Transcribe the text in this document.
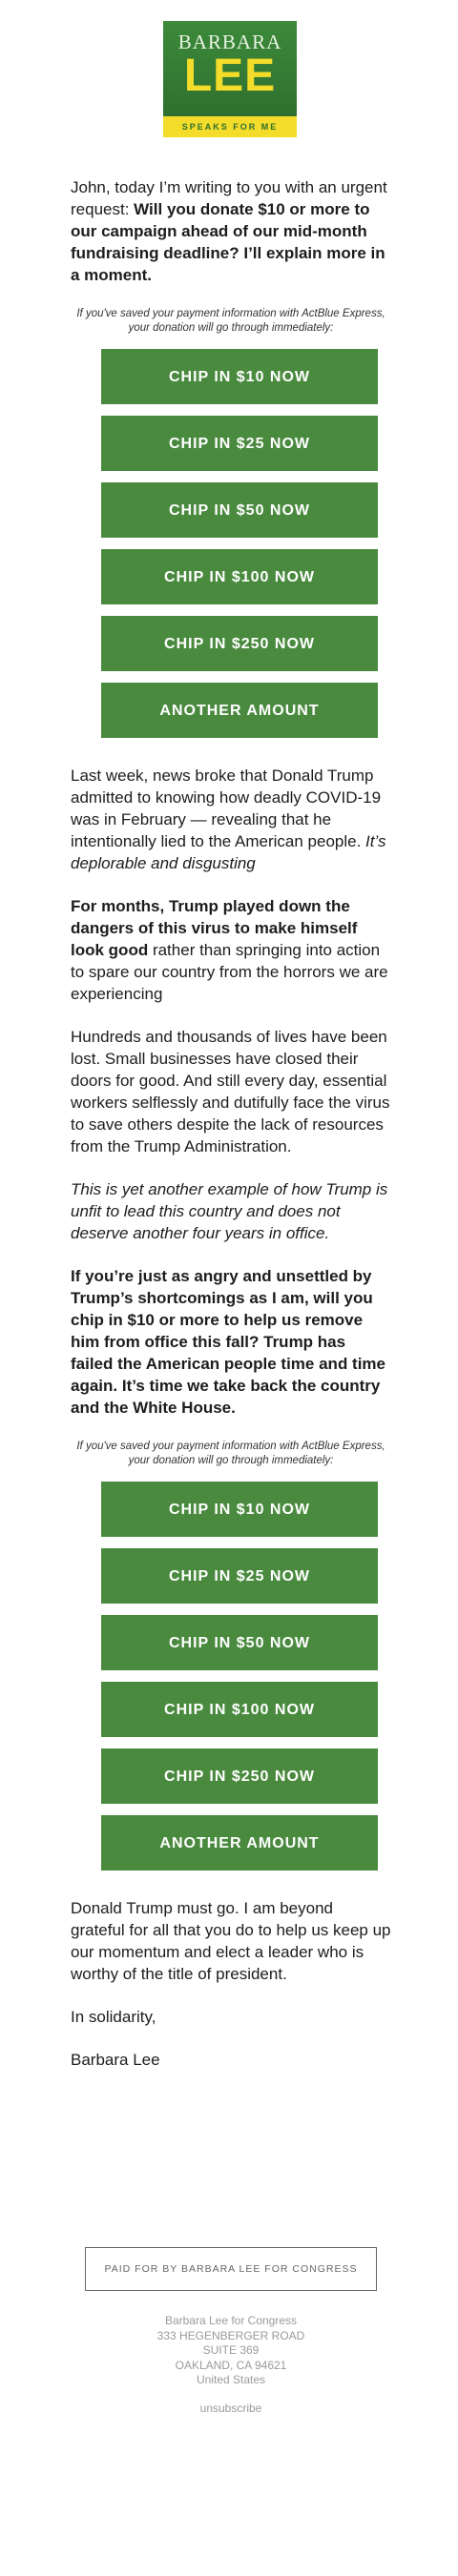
BARBARA
LEE
SPEAKS FOR ME

John, today I’m writing to you with an urgent request: Will you donate $10 or more to our campaign ahead of our mid-month fundraising deadline? I’ll explain more in a moment.

If you've saved your payment information with ActBlue Express, your donation will go through immediately:

CHIP IN $10 NOW
CHIP IN $25 NOW
CHIP IN $50 NOW
CHIP IN $100 NOW
CHIP IN $250 NOW
ANOTHER AMOUNT

Last week, news broke that Donald Trump admitted to knowing how deadly COVID-19 was in February — revealing that he intentionally lied to the American people. It’s deplorable and disgusting

For months, Trump played down the dangers of this virus to make himself look good rather than springing into action to spare our country from the horrors we are experiencing

Hundreds and thousands of lives have been lost. Small businesses have closed their doors for good. And still every day, essential workers selflessly and dutifully face the virus to save others despite the lack of resources from the Trump Administration.

This is yet another example of how Trump is unfit to lead this country and does not deserve another four years in office.

If you’re just as angry and unsettled by Trump’s shortcomings as I am, will you chip in $10 or more to help us remove him from office this fall? Trump has failed the American people time and time again. It’s time we take back the country and the White House.

If you've saved your payment information with ActBlue Express, your donation will go through immediately:

CHIP IN $10 NOW
CHIP IN $25 NOW
CHIP IN $50 NOW
CHIP IN $100 NOW
CHIP IN $250 NOW
ANOTHER AMOUNT

Donald Trump must go. I am beyond grateful for all that you do to help us keep up our momentum and elect a leader who is worthy of the title of president.

In solidarity,

Barbara Lee

PAID FOR BY BARBARA LEE FOR CONGRESS
Barbara Lee for Congress
333 HEGENBERGER ROAD
SUITE 369
OAKLAND, CA 94621
United States
unsubscribe
